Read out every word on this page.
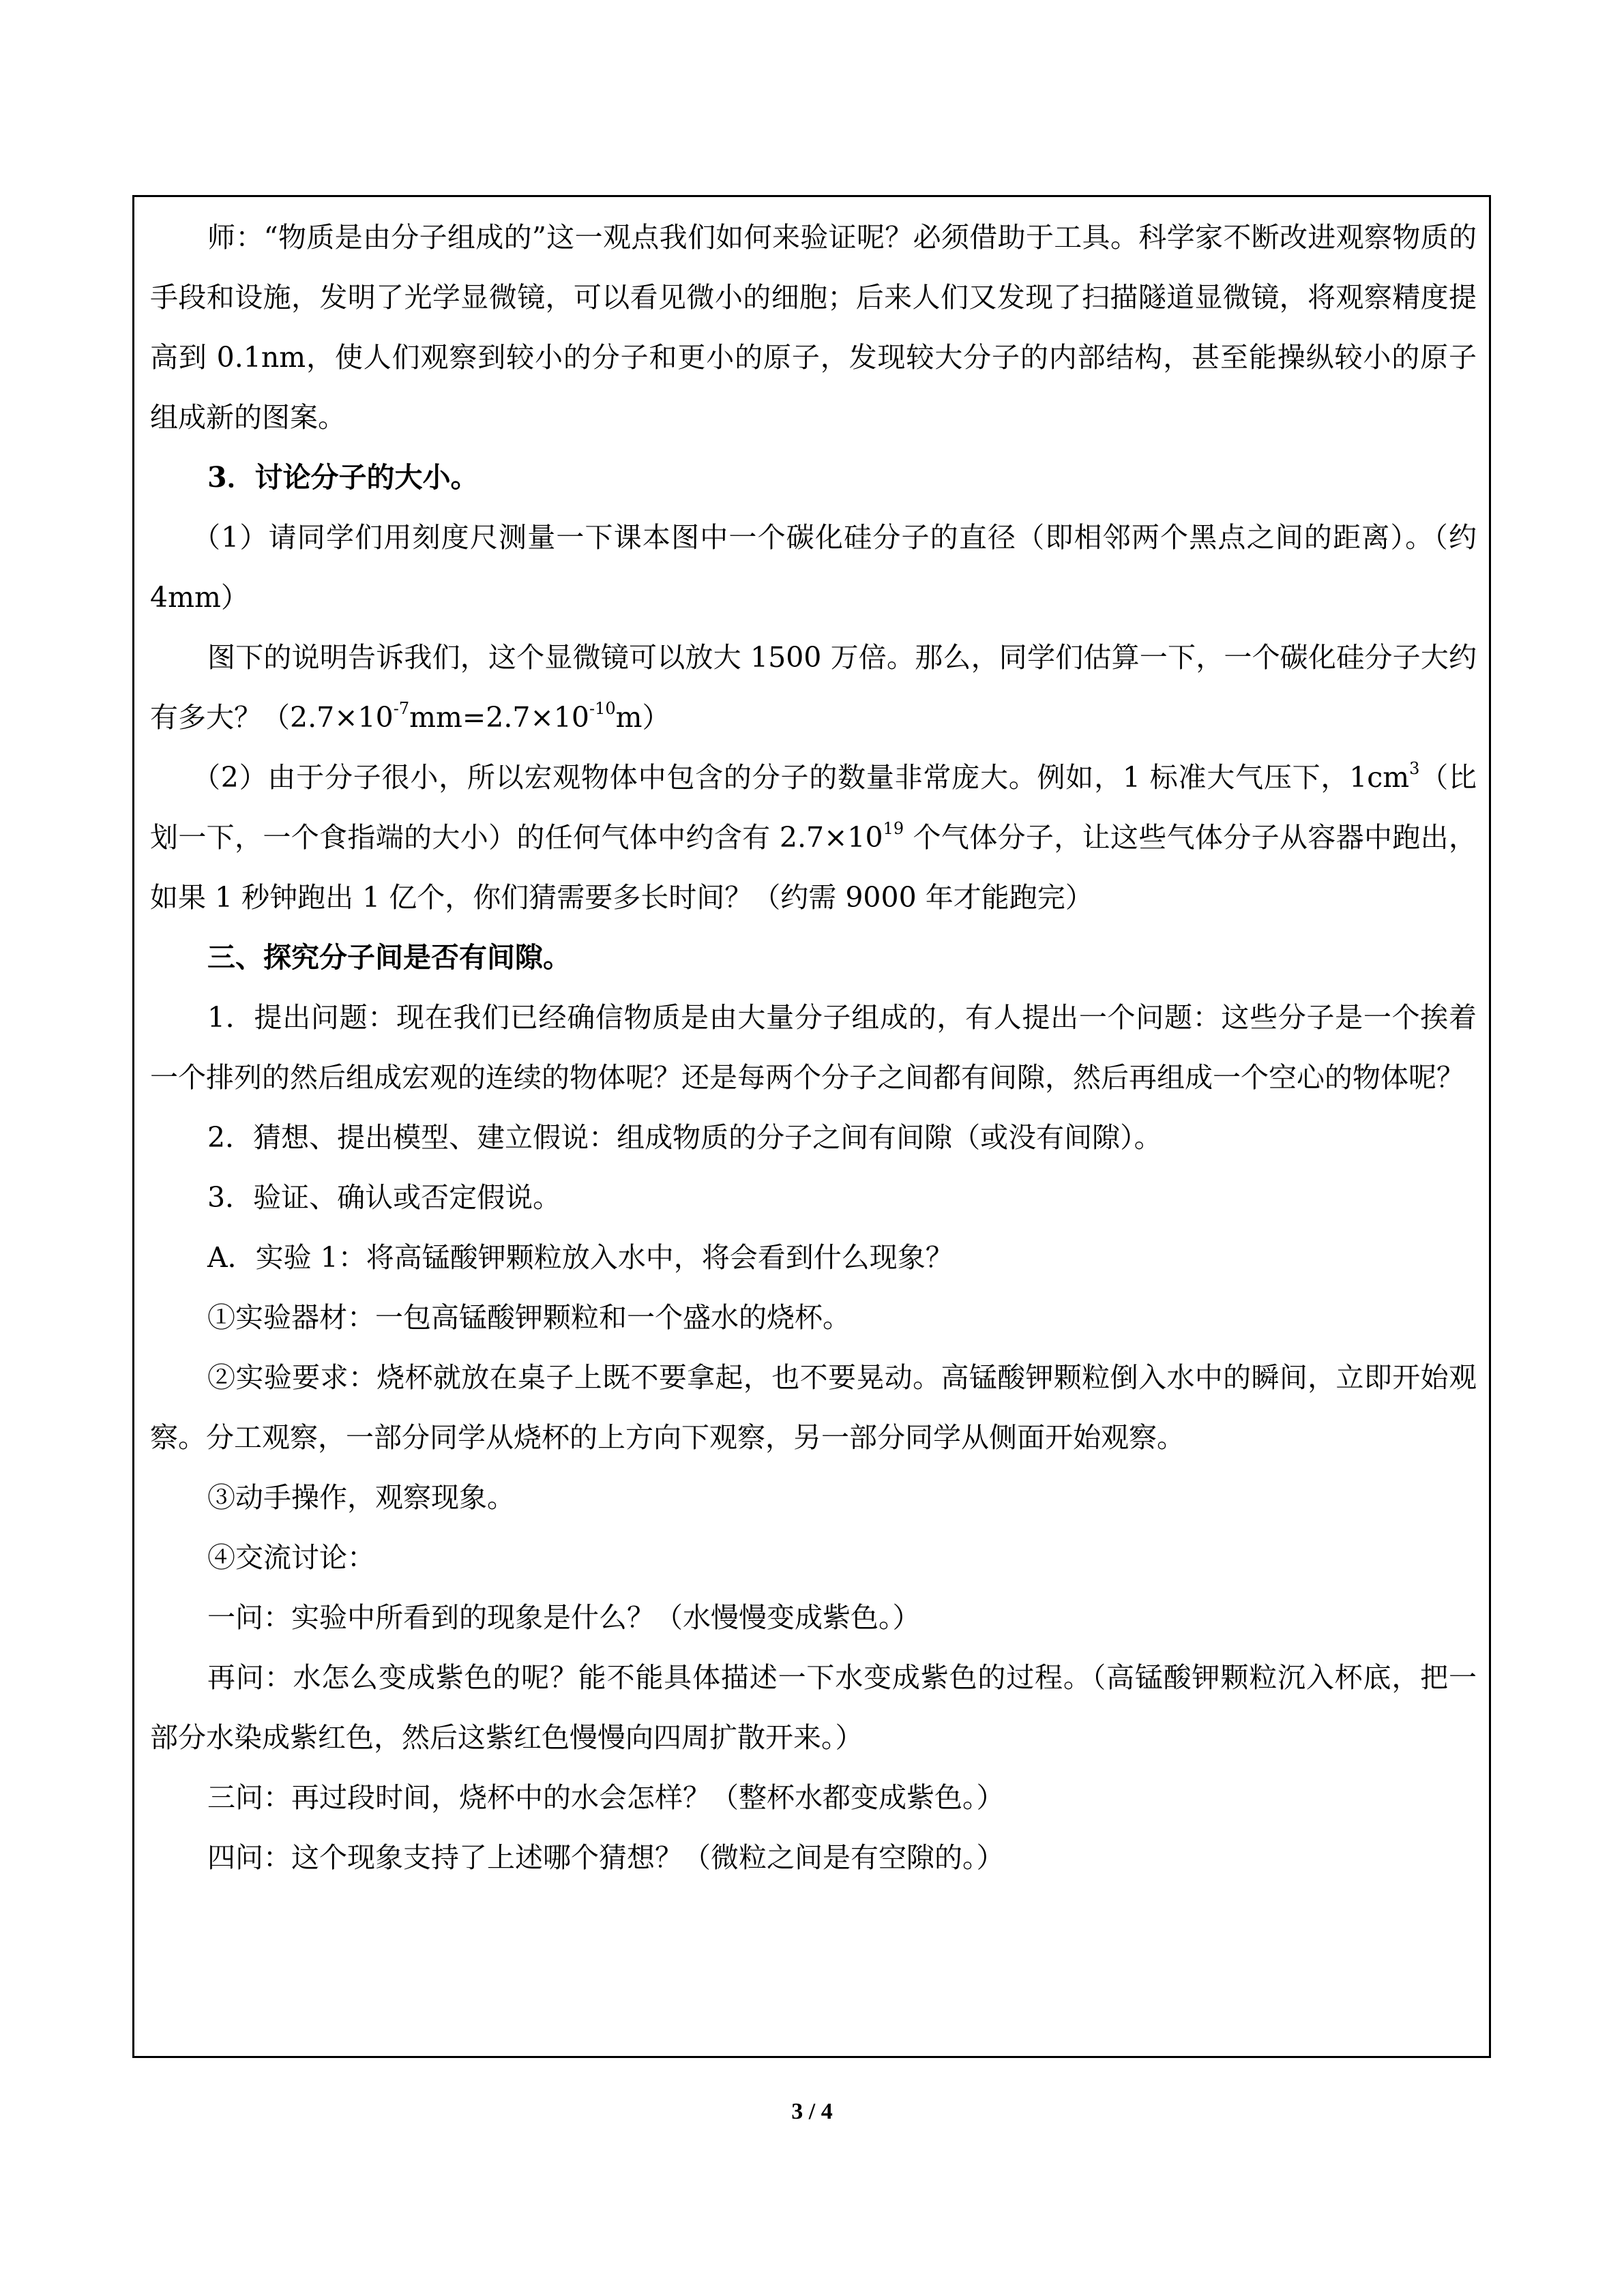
师：“物质是由分子组成的”这一观点我们如何来验证呢？必须借助于工具。科学家不断改进观察物质的手段和设施，发明了光学显微镜，可以看见微小的细胞；后来人们又发现了扫描隧道显微镜，将观察精度提高到 0.1nm，使人们观察到较小的分子和更小的原子，发现较大分子的内部结构，甚至能操纵较小的原子组成新的图案。

3．讨论分子的大小。

（1）请同学们用刻度尺测量一下课本图中一个碳化硅分子的直径（即相邻两个黑点之间的距离）。（约 4mm）

图下的说明告诉我们，这个显微镜可以放大 1500 万倍。那么，同学们估算一下，一个碳化硅分子大约有多大？$(2.7\times 10^{-7}mm=2.7\times 10^{-10}m)$

（2）由于分子很小，所以宏观物体中包含的分子的数量非常庞大。例如，1 标准大气压下，$1cm^3$（比划一下，一个食指端的大小）的任何气体中约含有 $2.7\times 10^{19}$ 个气体分子，让这些气体分子从容器中跑出，如果 1 秒钟跑出 1 亿个，你们猜需要多长时间？（约需 9000 年才能跑完）

三、探究分子间是否有间隙。

1．提出问题：现在我们已经确信物质是由大量分子组成的，有人提出一个问题：这些分子是一个挨着一个排列的然后组成宏观的连续的物体呢？还是每两个分子之间都有间隙，然后再组成一个空心的物体呢？

2．猜想、提出模型、建立假说：组成物质的分子之间有间隙（或没有间隙）。

3．验证、确认或否定假说。

A．实验 1：将高锰酸钾颗粒放入水中，将会看到什么现象？

①实验器材：一包高锰酸钾颗粒和一个盛水的烧杯。

②实验要求：烧杯就放在桌子上既不要拿起，也不要晃动。高锰酸钾颗粒倒入水中的瞬间，立即开始观察。分工观察，一部分同学从烧杯的上方向下观察，另一部分同学从侧面开始观察。

③动手操作，观察现象。

④交流讨论：

一问：实验中所看到的现象是什么？（水慢慢变成紫色。）

再问：水怎么变成紫色的呢？能不能具体描述一下水变成紫色的过程。（高锰酸钾颗粒沉入杯底，把一部分水染成紫红色，然后这紫红色慢慢向四周扩散开来。）

三问：再过段时间，烧杯中的水会怎样？（整杯水都变成紫色。）

四问：这个现象支持了上述哪个猜想？（微粒之间是有空隙的。）

3 / 4
